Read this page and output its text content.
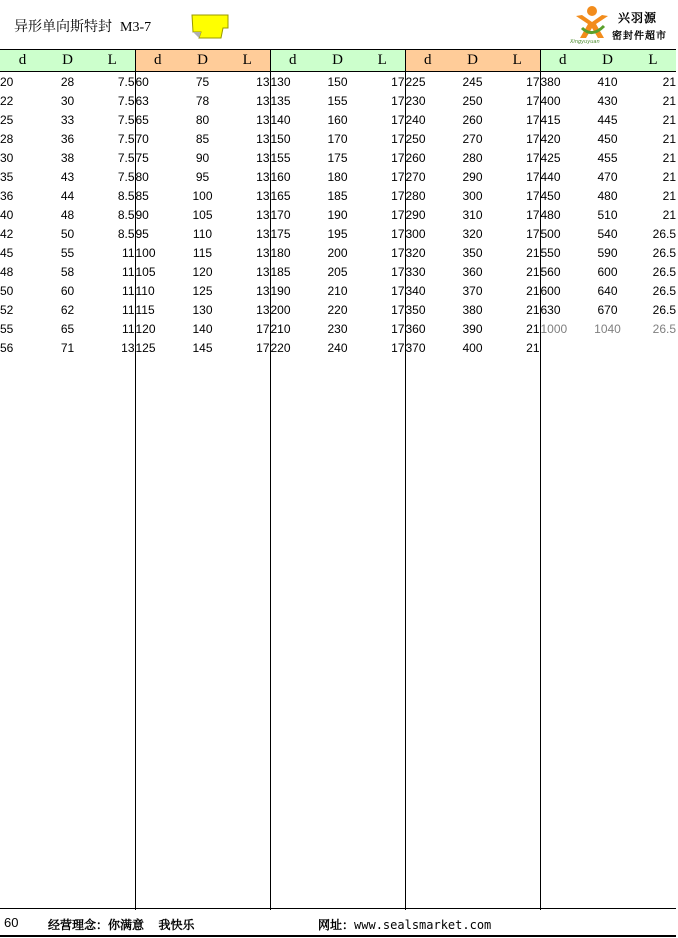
异形单向斯特封 M3-7
兴羽源
密封件超市
Xingyuyuan
d	D	L	d	D	L	d	D	L	d	D	L	d	D	L
20	28	7.5	60	75	13	130	150	17	225	245	17	380	410	21
22	30	7.5	63	78	13	135	155	17	230	250	17	400	430	21
25	33	7.5	65	80	13	140	160	17	240	260	17	415	445	21
28	36	7.5	70	85	13	150	170	17	250	270	17	420	450	21
30	38	7.5	75	90	13	155	175	17	260	280	17	425	455	21
35	43	7.5	80	95	13	160	180	17	270	290	17	440	470	21
36	44	8.5	85	100	13	165	185	17	280	300	17	450	480	21
40	48	8.5	90	105	13	170	190	17	290	310	17	480	510	21
42	50	8.5	95	110	13	175	195	17	300	320	17	500	540	26.5
45	55	11	100	115	13	180	200	17	320	350	21	550	590	26.5
48	58	11	105	120	13	185	205	17	330	360	21	560	600	26.5
50	60	11	110	125	13	190	210	17	340	370	21	600	640	26.5
52	62	11	115	130	13	200	220	17	350	380	21	630	670	26.5
55	65	11	120	140	17	210	230	17	360	390	21	1000	1040	26.5
56	71	13	125	145	17	220	240	17	370	400	21			

60 经营理念：你满意  我快乐	网址：www.sealsmarket.com
